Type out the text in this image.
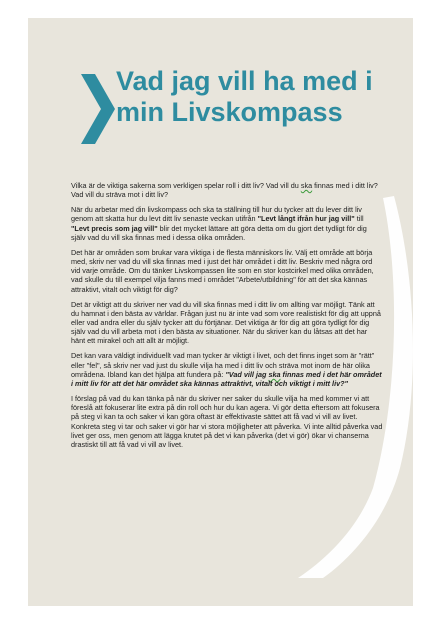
Vad jag vill ha med i min Livskompass

Vilka är de viktiga sakerna som verkligen spelar roll i ditt liv? Vad vill du ska finnas med i ditt liv? Vad vill du sträva mot i ditt liv?

När du arbetar med din livskompass och ska ta ställning till hur du tycker att du lever ditt liv genom att skatta hur du levt ditt liv senaste veckan utifrån "Levt långt ifrån hur jag vill" till "Levt precis som jag vill" blir det mycket lättare att göra detta om du gjort det tydligt för dig själv vad du vill ska finnas med i dessa olika områden.

Det här är områden som brukar vara viktiga i de flesta människors liv. Välj ett område att börja med, skriv ner vad du vill ska finnas med i just det här området i ditt liv. Beskriv med några ord vid varje område. Om du tänker Livskompassen lite som en stor kostcirkel med olika områden, vad skulle du till exempel vilja fanns med i området "Arbete/utbildning" för att det ska kännas attraktivt, vitalt och viktigt för dig?

Det är viktigt att du skriver ner vad du vill ska finnas med i ditt liv om allting var möjligt. Tänk att du hamnat i den bästa av världar. Frågan just nu är inte vad som vore realistiskt för dig att uppnå eller vad andra eller du själv tycker att du förtjänar. Det viktiga är för dig att göra tydligt för dig själv vad du vill arbeta mot i den bästa av situationer. När du skriver kan du låtsas att det har hänt ett mirakel och att allt är möjligt.

Det kan vara väldigt individuellt vad man tycker är viktigt i livet, och det finns inget som är "rätt" eller "fel", så skriv ner vad just du skulle vilja ha med i ditt liv och sträva mot inom de här olika områdena. Ibland kan det hjälpa att fundera på: "Vad vill jag ska finnas med i det här området i mitt liv för att det här området ska kännas attraktivt, vitalt och viktigt i mitt liv?"

I förslag på vad du kan tänka på när du skriver ner saker du skulle vilja ha med kommer vi att föreslå att fokuserar lite extra på din roll och hur du kan agera. Vi gör detta eftersom att fokusera på steg vi kan ta och saker vi kan göra oftast är effektivaste sättet att få vad vi vill av livet. Konkreta steg vi tar och saker vi gör har vi stora möjligheter att påverka. Vi inte alltid påverka vad livet ger oss, men genom att lägga krutet på det vi kan påverka (det vi gör) ökar vi chanserna drastiskt till att få vad vi vill av livet.
